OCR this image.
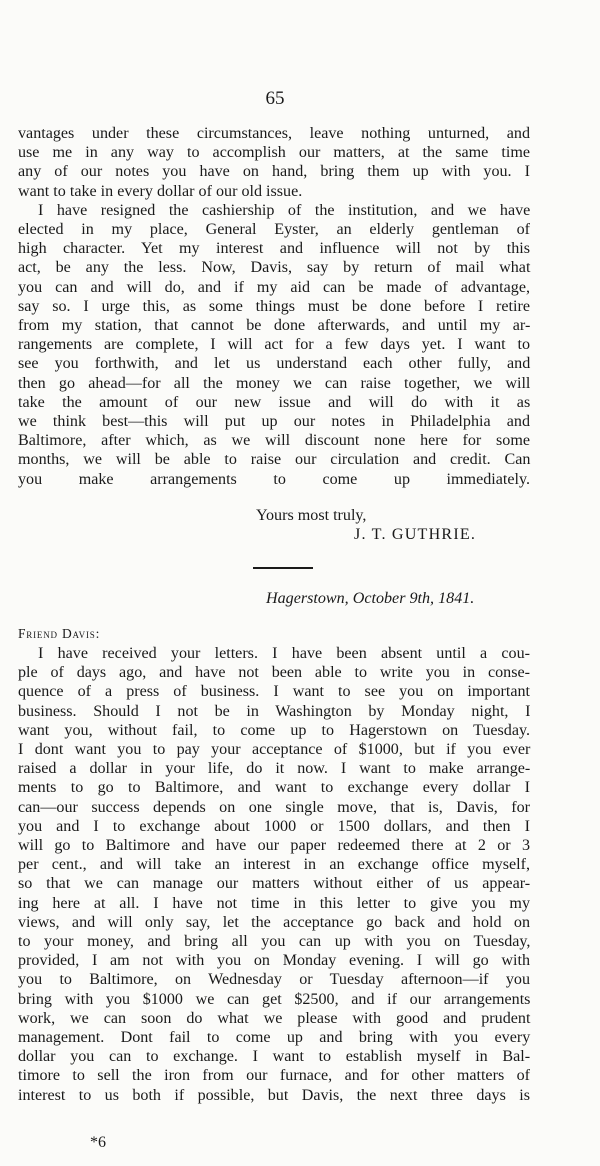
65
vantages under these circumstances, leave nothing unturned, and
use me in any way to accomplish our matters, at the same time
any of our notes you have on hand, bring them up with you. I
want to take in every dollar of our old issue.
I have resigned the cashiership of the institution, and we have
elected in my place, General Eyster, an elderly gentleman of
high character. Yet my interest and influence will not by this
act, be any the less. Now, Davis, say by return of mail what
you can and will do, and if my aid can be made of advantage,
say so. I urge this, as some things must be done before I retire
from my station, that cannot be done afterwards, and until my ar-
rangements are complete, I will act for a few days yet. I want to
see you forthwith, and let us understand each other fully, and
then go ahead—for all the money we can raise together, we will
take the amount of our new issue and will do with it as
we think best—this will put up our notes in Philadelphia and
Baltimore, after which, as we will discount none here for some
months, we will be able to raise our circulation and credit. Can
you make arrangements to come up immediately.
Yours most truly,
J. T. GUTHRIE.
Hagerstown, October 9th, 1841.
Friend Davis:
I have received your letters. I have been absent until a cou-
ple of days ago, and have not been able to write you in conse-
quence of a press of business. I want to see you on important
business. Should I not be in Washington by Monday night, I
want you, without fail, to come up to Hagerstown on Tuesday.
I dont want you to pay your acceptance of $1000, but if you ever
raised a dollar in your life, do it now. I want to make arrange-
ments to go to Baltimore, and want to exchange every dollar I
can—our success depends on one single move, that is, Davis, for
you and I to exchange about 1000 or 1500 dollars, and then I
will go to Baltimore and have our paper redeemed there at 2 or 3
per cent., and will take an interest in an exchange office myself,
so that we can manage our matters without either of us appear-
ing here at all. I have not time in this letter to give you my
views, and will only say, let the acceptance go back and hold on
to your money, and bring all you can up with you on Tuesday,
provided, I am not with you on Monday evening. I will go with
you to Baltimore, on Wednesday or Tuesday afternoon—if you
bring with you $1000 we can get $2500, and if our arrangements
work, we can soon do what we please with good and prudent
management. Dont fail to come up and bring with you every
dollar you can to exchange. I want to establish myself in Bal-
timore to sell the iron from our furnace, and for other matters of
interest to us both if possible, but Davis, the next three days is
*6
